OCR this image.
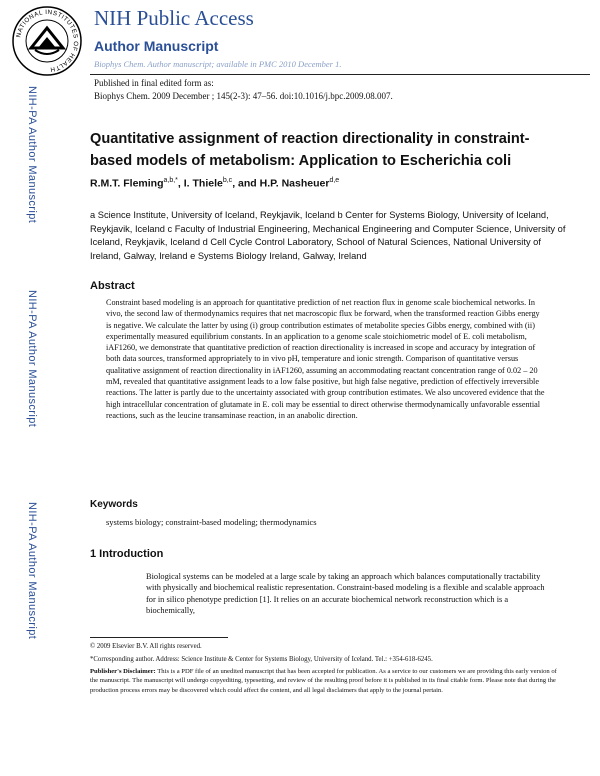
NATIONAL INSTITUTES OF HEALTH
NIH Public Access
Author Manuscript
Biophys Chem. Author manuscript; available in PMC 2010 December 1.
Published in final edited form as:
Biophys Chem. 2009 December ; 145(2-3): 47–56. doi:10.1016/j.bpc.2009.08.007.
NIH-PA Author Manuscript
NIH-PA Author Manuscript
NIH-PA Author Manuscript
Quantitative assignment of reaction directionality in constraint-based models of metabolism: Application to Escherichia coli
R.M.T. Fleming$^{a,b,*}$, I. Thiele$^{b,c}$, and H.P. Nasheuer$^{d,e}$
a Science Institute, University of Iceland, Reykjavik, Iceland b Center for Systems Biology, University of Iceland, Reykjavik, Iceland c Faculty of Industrial Engineering, Mechanical Engineering and Computer Science, University of Iceland, Reykjavik, Iceland d Cell Cycle Control Laboratory, School of Natural Sciences, National University of Ireland, Galway, Ireland e Systems Biology Ireland, Galway, Ireland
Abstract
Constraint based modeling is an approach for quantitative prediction of net reaction flux in genome scale biochemical networks. In vivo, the second law of thermodynamics requires that net macroscopic flux be forward, when the transformed reaction Gibbs energy is negative. We calculate the latter by using (i) group contribution estimates of metabolite species Gibbs energy, combined with (ii) experimentally measured equilibrium constants. In an application to a genome scale stoichiometric model of E. coli metabolism, iAF1260, we demonstrate that quantitative prediction of reaction directionality is increased in scope and accuracy by integration of both data sources, transformed appropriately to in vivo pH, temperature and ionic strength. Comparison of quantitative versus qualitative assignment of reaction directionality in iAF1260, assuming an accommodating reactant concentration range of 0.02 – 20 mM, revealed that quantitative assignment leads to a low false positive, but high false negative, prediction of effectively irreversible reactions. The latter is partly due to the uncertainty associated with group contribution estimates. We also uncovered evidence that the high intracellular concentration of glutamate in E. coli may be essential to direct otherwise thermodynamically unfavorable essential reactions, such as the leucine transaminase reaction, in an anabolic direction.
Keywords
systems biology; constraint-based modeling; thermodynamics
1 Introduction
Biological systems can be modeled at a large scale by taking an approach which balances computationally tractability with physically and biochemical realistic representation. Constraint-based modeling is a flexible and scalable approach for in silico phenotype prediction [1]. It relies on an accurate biochemical network reconstruction which is a biochemically,
© 2009 Elsevier B.V. All rights reserved.
*Corresponding author. Address: Science Institute & Center for Systems Biology, University of Iceland. Tel.: +354-618-6245.
Publisher's Disclaimer: This is a PDF file of an unedited manuscript that has been accepted for publication. As a service to our customers we are providing this early version of the manuscript. The manuscript will undergo copyediting, typesetting, and review of the resulting proof before it is published in its final citable form. Please note that during the production process errors may be discovered which could affect the content, and all legal disclaimers that apply to the journal pertain.
